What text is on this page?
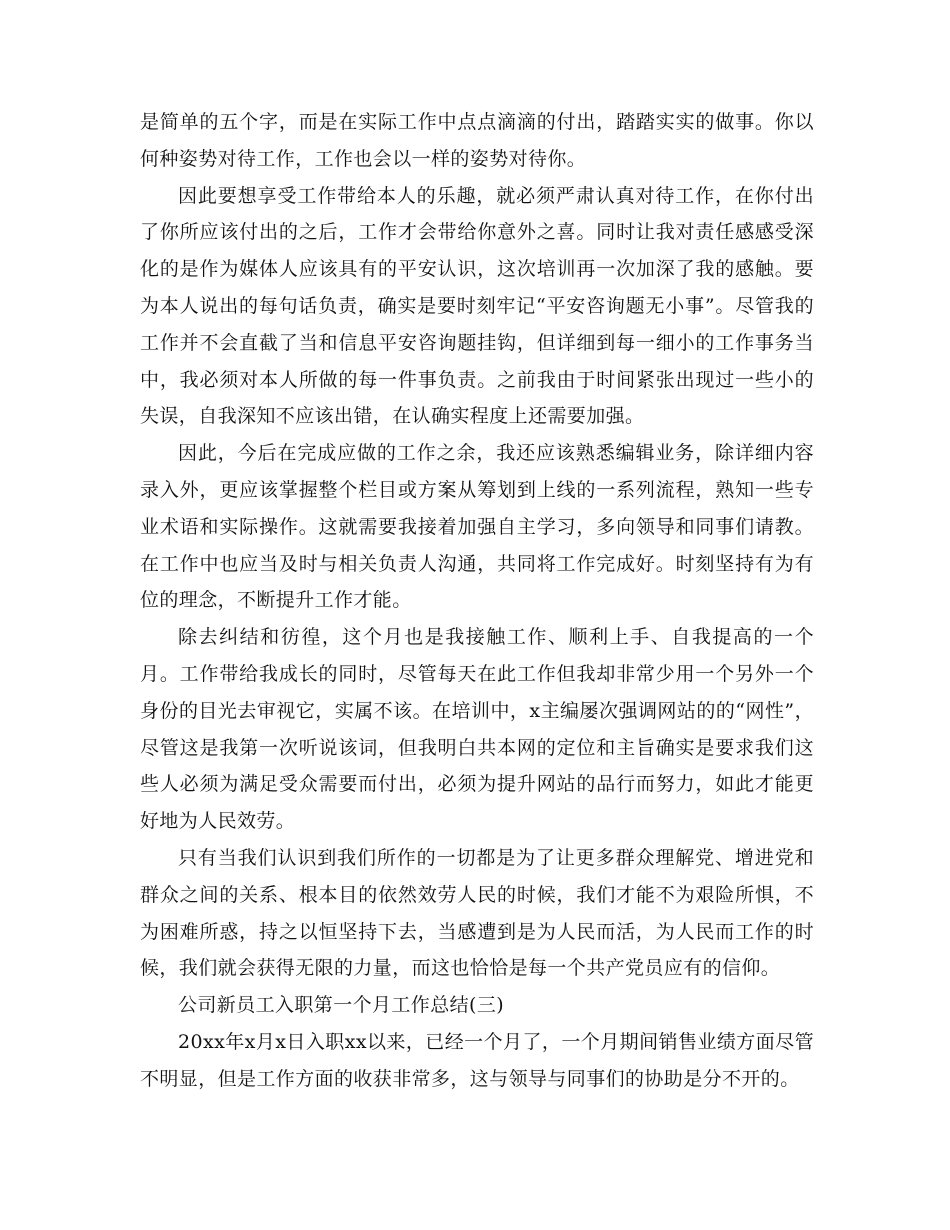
是简单的五个字，而是在实际工作中点点滴滴的付出，踏踏实实的做事。你以何种姿势对待工作，工作也会以一样的姿势对待你。

因此要想享受工作带给本人的乐趣，就必须严肃认真对待工作，在你付出了你所应该付出的之后，工作才会带给你意外之喜。同时让我对责任感感受深化的是作为媒体人应该具有的平安认识，这次培训再一次加深了我的感触。要为本人说出的每句话负责，确实是要时刻牢记“平安咨询题无小事”。尽管我的工作并不会直截了当和信息平安咨询题挂钩，但详细到每一细小的工作事务当中，我必须对本人所做的每一件事负责。之前我由于时间紧张出现过一些小的失误，自我深知不应该出错，在认确实程度上还需要加强。

因此，今后在完成应做的工作之余，我还应该熟悉编辑业务，除详细内容录入外，更应该掌握整个栏目或方案从筹划到上线的一系列流程，熟知一些专业术语和实际操作。这就需要我接着加强自主学习，多向领导和同事们请教。在工作中也应当及时与相关负责人沟通，共同将工作完成好。时刻坚持有为有位的理念，不断提升工作才能。

除去纠结和彷徨，这个月也是我接触工作、顺利上手、自我提高的一个月。工作带给我成长的同时，尽管每天在此工作但我却非常少用一个另外一个身份的目光去审视它，实属不该。在培训中，x主编屡次强调网站的的“网性”，尽管这是我第一次听说该词，但我明白共本网的定位和主旨确实是要求我们这些人必须为满足受众需要而付出，必须为提升网站的品行而努力，如此才能更好地为人民效劳。

只有当我们认识到我们所作的一切都是为了让更多群众理解党、增进党和群众之间的关系、根本目的依然效劳人民的时候，我们才能不为艰险所惧，不为困难所惑，持之以恒坚持下去，当感遭到是为人民而活，为人民而工作的时候，我们就会获得无限的力量，而这也恰恰是每一个共产党员应有的信仰。

公司新员工入职第一个月工作总结(三)

20xx年x月x日入职xx以来，已经一个月了，一个月期间销售业绩方面尽管不明显，但是工作方面的收获非常多，这与领导与同事们的协助是分不开的。
